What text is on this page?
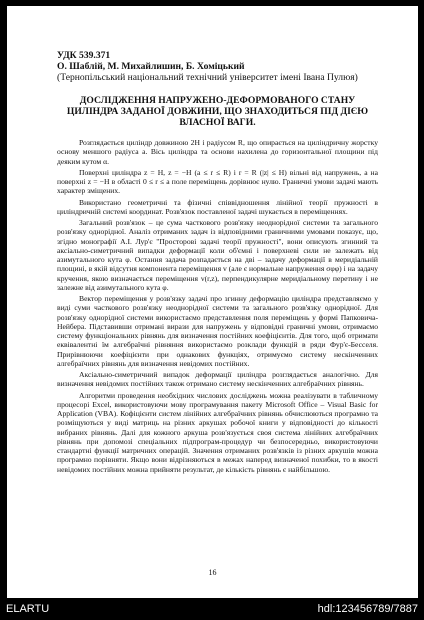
УДК 539.371
О. Шаблій, М. Михайлишин, Б. Хоміцький
(Тернопільський національний технічний університет імені Івана Пулюя)
ДОСЛІДЖЕННЯ НАПРУЖЕНО-ДЕФОРМОВАНОГО СТАНУ ЦИЛІНДРА ЗАДАНОЇ ДОВЖИНИ, ЩО ЗНАХОДИТЬСЯ ПІД ДІЄЮ ВЛАСНОЇ ВАГИ.

Розглядається циліндр довжиною 2H і радіусом R, що опирається на циліндричну жорстку основу меншого радіуса a. Вісь циліндра та основи нахилена до горизонтальної площини під деяким кутом α.

Поверхні циліндра z = H, z = −H (a ≤ r ≤ R) і r = R (|z| ≤ H) вільні від напружень, а на поверхні z = −H в області 0 ≤ r ≤ a поле переміщень дорівнює нулю. Граничні умови задачі мають характер зміщених.

Використано геометричні та фізичні співвідношення лінійної теорії пружності в циліндричній системі координат. Розв'язок поставленої задачі шукається в переміщеннях.

Загальний розв'язок – це сума часткового розв'язку неоднорідної системи та загального розв'язку однорідної. Аналіз отриманих задач із відповідними граничними умовами показує, що, згідно монографії А.І. Лур'є "Просторові задачі теорії пружності", вони описують згинний та аксіально-симетричний випадки деформації коли об'ємні і поверхневі сили не залежать від азимутального кута φ. Остання задача розпадається на дві – задачу деформації в меридіальній площині, в якій відсутня компонента переміщення v (але є нормальне напруження σφφ) і на задачу кручення, якою визначається переміщення v(r,z), перпендикулярне меридіальному перетину і не залежне від азимутального кута φ.

Вектор переміщення у розв'язку задачі про згинну деформацію циліндра представляємо у виді суми часткового розв'язку неоднорідної системи та загального розв'язку однорідної. Для розв'язку однорідної системи використаємо представлення поля переміщень у формі Папковича-Нейбера. Підставивши отримані вирази для напружень у відповідні граничні умови, отримаємо систему функціональних рівнянь для визначення постійних коефіцієнтів. Для того, щоб отримати еквівалентні їм алгебраїчні рівняння використаємо розклади функцій в ряди Фур'є-Бесселя. Прирівнюючи коефіцієнти при однакових функціях, отримуємо систему нескінченних алгебраїчних рівнянь для визначення невідомих постійних.

Аксіально-симетричний випадок деформації циліндра розглядається аналогічно. Для визначення невідомих постійних також отримано систему нескінченних алгебраїчних рівнянь.

Алгоритми проведення необхідних числових досліджень можна реалізувати в табличному процесорі Excel, використовуючи мову програмування пакету Microsoft Office – Visual Basic for Application (VBA). Кофіцієнти систем лінійних алгебраїчних рівнянь обчислюються програмно та розміщуються у виді матриць на різних аркушах робочої книги у відповідності до кількості вибраних рівнянь. Далі для кожного аркуша розв'язується своя система лінійних алгебраїчних рівнянь при допомозі спеціальних підпрограм-процедур чи безпосередньо, використовуючи стандартні функції матричних операцій. Значення отриманих розв'язків із різних аркушів можна програмно порівняти. Якщо вони відрізняються в межах наперед визначеної похибки, то в якості невідомих постійних можна прийняти результат, де кількість рівнянь є найбільшою.

16
ELARTU	hdl:123456789/7887
